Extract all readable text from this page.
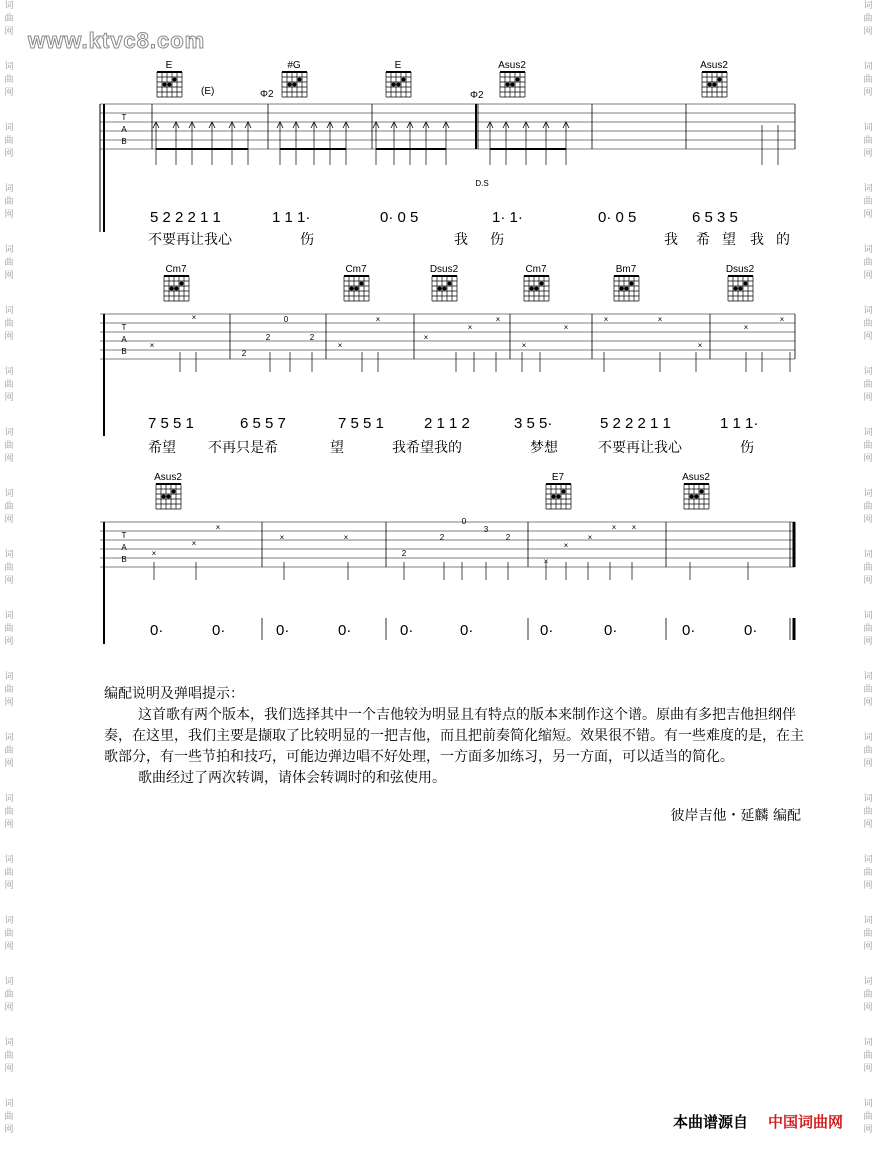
www.ktvc8.com
词
曲
网
词
曲
网
词
曲
网
词
曲
网
词
曲
网
词
曲
网
词
曲
网
词
曲
网
词
曲
网
词
曲
网
词
曲
网
词
曲
网
词
曲
网
词
曲
网
词
曲
网
词
曲
网
词
曲
网
词
曲
网
词
曲
网
词
曲
网
词
曲
网
词
曲
网
词
曲
网
词
曲
网
词
曲
网
词
曲
网
词
曲
网
词
曲
网
词
曲
网
词
曲
网
词
曲
网
词
曲
网
词
曲
网
词
曲
网
词
曲
网
词
曲
网
词
曲
网
词
曲
网
T
A
B
E
(E)
#G	E	Asus2	Asus2
Φ2	Φ2
D.S
5 2 2 2 1 1	1 1 1·	0· 0 5	1· 1·	0· 0 5	6 5 3 5
不要再让我心	伤	我 伤	我 希 望 我 的
T
A
B
Cm7	Cm7	Dsus2	Cm7	Bm7	Dsus2
×
×
2
2
0
2
×
×
×
×
×
×
×
×	×
×
×
×
7 5 5 1	6 5 5 7	7 5 5 1	2 1 1 2	3 5 5·	5 2 2 2 1 1	1 1 1·
希望 不再只是希	望	我希望我的	梦想	不要再让我心	伤
T
A
B
Asus2	E7	Asus2
×
×
×
×	×
2
2
0
3
2
×
×
×
× ×
0·	0·	0·	0·	0·	0·	0·	0·	0·	0·

编配说明及弹唱提示：

这首歌有两个版本，我们选择其中一个吉他较为明显且有特点的版本来制作这个谱。原曲有多把吉他担纲伴奏，在这里，我们主要是撷取了比较明显的一把吉他，而且把前奏简化缩短。效果很不错。有一些难度的是，在主歌部分，有一些节拍和技巧，可能边弹边唱不好处理，一方面多加练习，另一方面，可以适当的简化。

歌曲经过了两次转调，请体会转调时的和弦使用。

彼岸吉他・延麟 编配
本曲谱源自 中国词曲网
